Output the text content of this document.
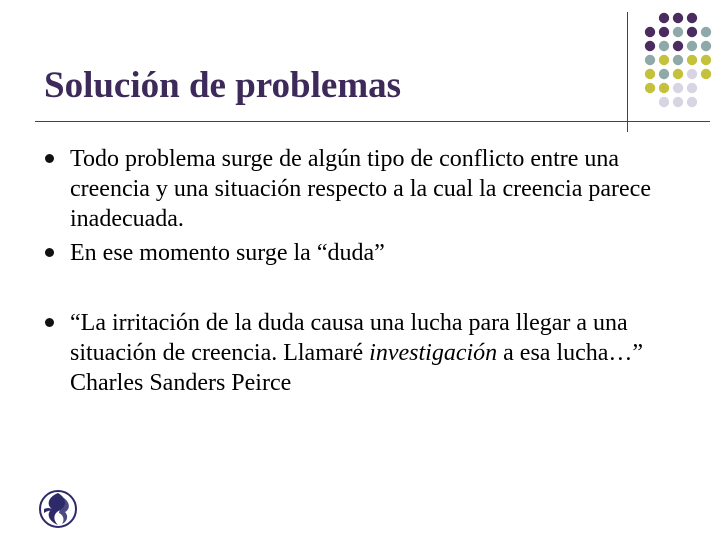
Solución de problemas
Todo problema surge de algún tipo de conflicto entre una creencia y una situación respecto a la cual la creencia parece inadecuada.
En ese momento surge la “duda”
“La irritación de la duda causa una lucha para llegar a una situación de creencia. Llamaré investigación a esa lucha…” Charles Sanders Peirce
